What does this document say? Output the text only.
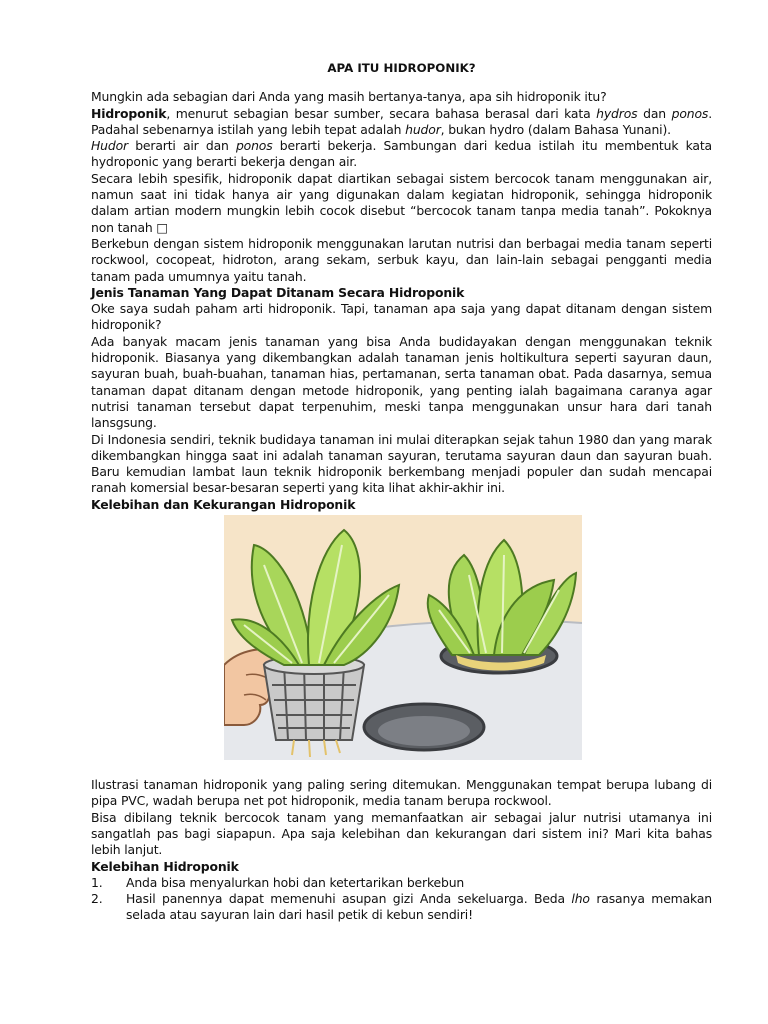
APA ITU HIDROPONIK?

Mungkin ada sebagian dari Anda yang masih bertanya-tanya, apa sih hidroponik itu?

Hidroponik, menurut sebagian besar sumber, secara bahasa berasal dari kata hydros dan ponos. Padahal sebenarnya istilah yang lebih tepat adalah hudor, bukan hydro (dalam Bahasa Yunani).

Hudor berarti air dan ponos berarti bekerja. Sambungan dari kedua istilah itu membentuk kata hydroponic yang berarti bekerja dengan air.

Secara lebih spesifik, hidroponik dapat diartikan sebagai sistem bercocok tanam menggunakan air, namun saat ini tidak hanya air yang digunakan dalam kegiatan hidroponik, sehingga hidroponik dalam artian modern mungkin lebih cocok disebut “bercocok tanam tanpa media tanah”. Pokoknya non tanah □

Berkebun dengan sistem hidroponik menggunakan larutan nutrisi dan berbagai media tanam seperti rockwool, cocopeat, hidroton, arang sekam, serbuk kayu, dan lain-lain sebagai pengganti media tanam pada umumnya yaitu tanah.

Jenis Tanaman Yang Dapat Ditanam Secara Hidroponik

Oke saya sudah paham arti hidroponik. Tapi, tanaman apa saja yang dapat ditanam dengan sistem hidroponik?

Ada banyak macam jenis tanaman yang bisa Anda budidayakan dengan menggunakan teknik hidroponik. Biasanya yang dikembangkan adalah tanaman jenis holtikultura seperti sayuran daun, sayuran buah, buah-buahan, tanaman hias, pertamanan, serta tanaman obat. Pada dasarnya, semua tanaman dapat ditanam dengan metode hidroponik, yang penting ialah bagaimana caranya agar nutrisi tanaman tersebut dapat terpenuhim, meski tanpa menggunakan unsur hara dari tanah lansgsung.

Di Indonesia sendiri, teknik budidaya tanaman ini mulai diterapkan sejak tahun 1980 dan yang marak dikembangkan hingga saat ini adalah tanaman sayuran, terutama sayuran daun dan sayuran buah. Baru kemudian lambat laun teknik hidroponik berkembang menjadi populer dan sudah mencapai ranah komersial besar-besaran seperti yang kita lihat akhir-akhir ini.

Kelebihan dan Kekurangan Hidroponik

Ilustrasi tanaman hidroponik yang paling sering ditemukan. Menggunakan tempat berupa lubang di pipa PVC, wadah berupa net pot hidroponik, media tanam berupa rockwool.

Bisa dibilang teknik bercocok tanam yang memanfaatkan air sebagai jalur nutrisi utamanya ini sangatlah pas bagi siapapun. Apa saja kelebihan dan kekurangan dari sistem ini? Mari kita bahas lebih lanjut.

Kelebihan Hidroponik
1.	Anda bisa menyalurkan hobi dan ketertarikan berkebun
2.	Hasil panennya dapat memenuhi asupan gizi Anda sekeluarga. Beda lho rasanya memakan selada atau sayuran lain dari hasil petik di kebun sendiri!
